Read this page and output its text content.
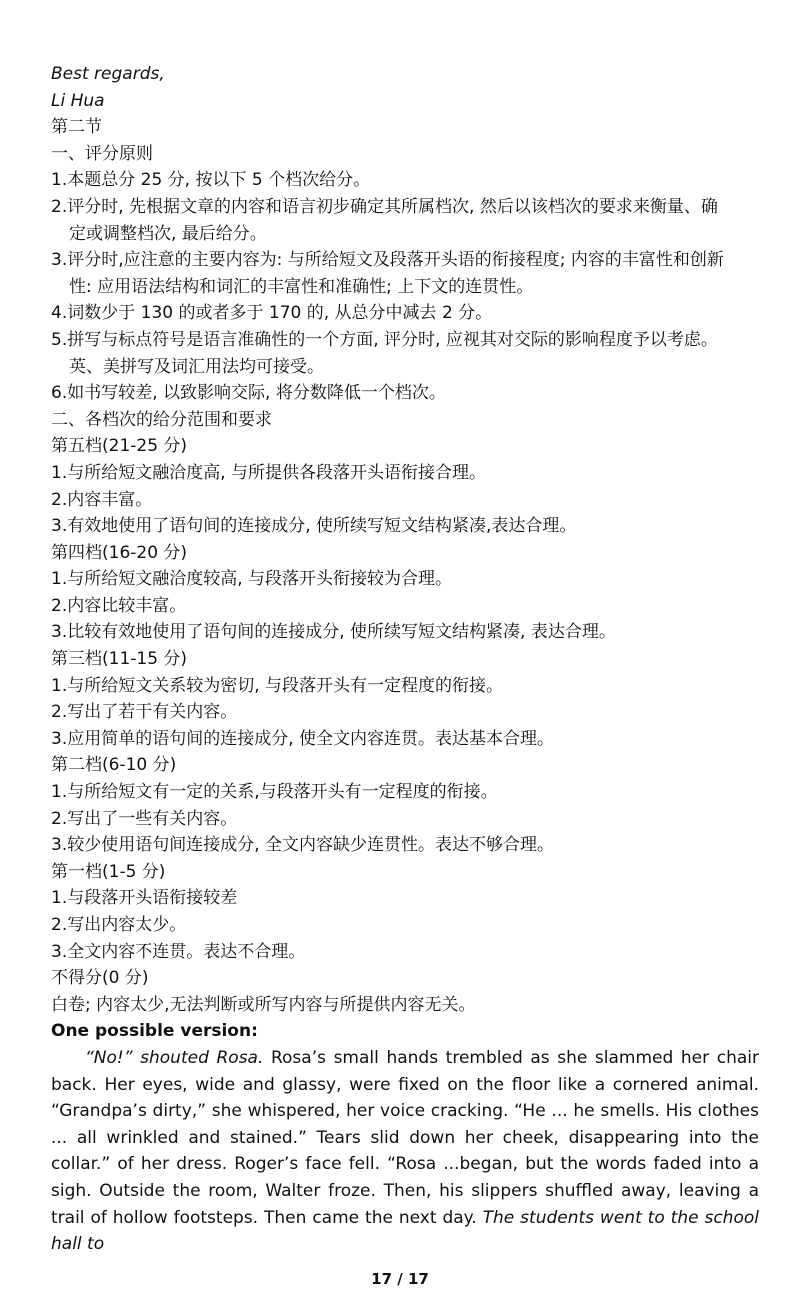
Best regards,
Li Hua
第二节
一、评分原则
1.本题总分 25 分, 按以下 5 个档次给分。
2.评分时, 先根据文章的内容和语言初步确定其所属档次, 然后以该档次的要求来衡量、确
定或调整档次, 最后给分。
3.评分时,应注意的主要内容为: 与所给短文及段落开头语的衔接程度; 内容的丰富性和创新
性: 应用语法结构和词汇的丰富性和准确性; 上下文的连贯性。
4.词数少于 130 的或者多于 170 的, 从总分中减去 2 分。
5.拼写与标点符号是语言准确性的一个方面, 评分时, 应视其对交际的影响程度予以考虑。
英、美拼写及词汇用法均可接受。
6.如书写较差, 以致影响交际, 将分数降低一个档次。
二、各档次的给分范围和要求
第五档(21-25 分)
1.与所给短文融洽度高, 与所提供各段落开头语衔接合理。
2.内容丰富。
3.有效地使用了语句间的连接成分, 使所续写短文结构紧凑,表达合理。
第四档(16-20 分)
1.与所给短文融洽度较高, 与段落开头衔接较为合理。
2.内容比较丰富。
3.比较有效地使用了语句间的连接成分, 使所续写短文结构紧凑, 表达合理。
第三档(11-15 分)
1.与所给短文关系较为密切, 与段落开头有一定程度的衔接。
2.写出了若干有关内容。
3.应用简单的语句间的连接成分, 使全文内容连贯。表达基本合理。
第二档(6-10 分)
1.与所给短文有一定的关系,与段落开头有一定程度的衔接。
2.写出了一些有关内容。
3.较少使用语句间连接成分, 全文内容缺少连贯性。表达不够合理。
第一档(1-5 分)
1.与段落开头语衔接较差
2.写出内容太少。
3.全文内容不连贯。表达不合理。
不得分(0 分)
白卷; 内容太少,无法判断或所写内容与所提供内容无关。
One possible version:

“No!” shouted Rosa. Rosa’s small hands trembled as she slammed her chair back. Her eyes, wide and glassy, were fixed on the floor like a cornered animal. “Grandpa’s dirty,” she whispered, her voice cracking. “He ... he smells. His clothes ... all wrinkled and stained.” Tears slid down her cheek, disappearing into the collar.” of her dress. Roger’s face fell. “Rosa ...began, but the words faded into a sigh. Outside the room, Walter froze. Then, his slippers shuffled away, leaving a trail of hollow footsteps. Then came the next day. The students went to the school hall to

17 / 17
